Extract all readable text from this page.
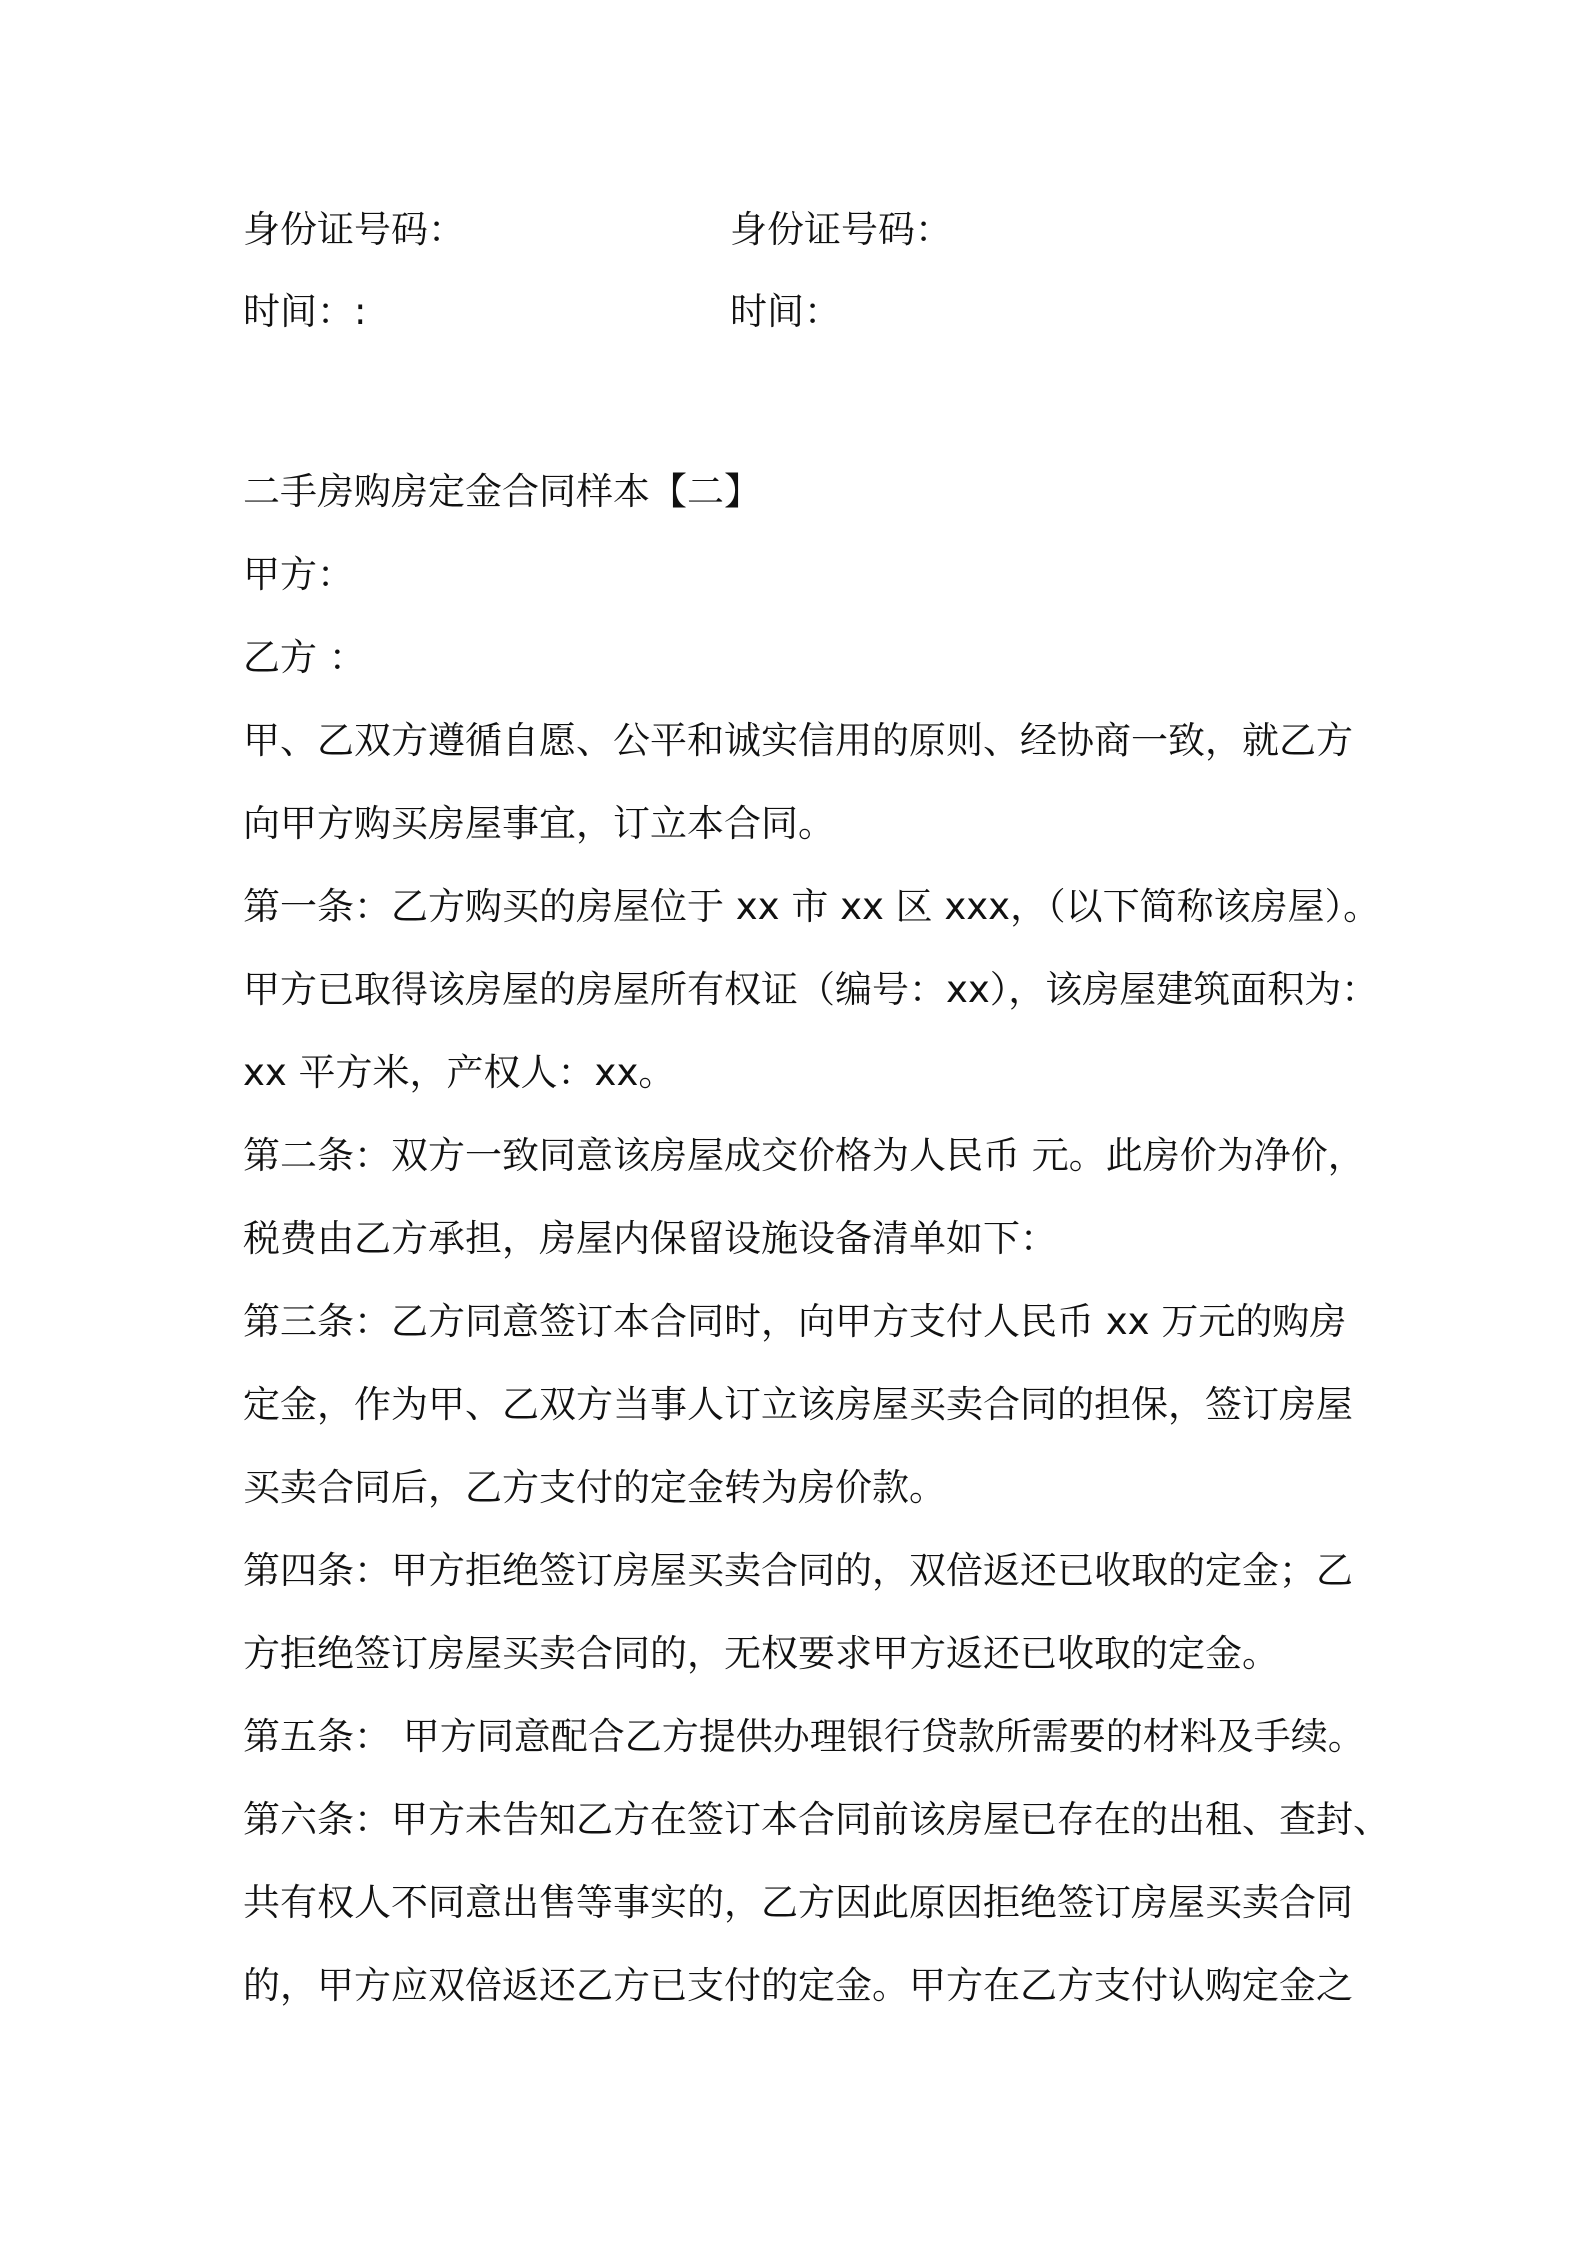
身份证号码：	身份证号码：
时间：:	时间：
二手房购房定金合同样本【二】
甲方：
乙方 ：
甲、乙双方遵循自愿、公平和诚实信用的原则、经协商一致，就乙方
向甲方购买房屋事宜，订立本合同。
第一条：乙方购买的房屋位于 xx 市 xx 区 xxx，（以下简称该房屋）。
甲方已取得该房屋的房屋所有权证（编号：xx），该房屋建筑面积为：
xx 平方米，产权人：xx。
第二条：双方一致同意该房屋成交价格为人民币 元。此房价为净价，
税费由乙方承担，房屋内保留设施设备清单如下：
第三条：乙方同意签订本合同时，向甲方支付人民币 xx 万元的购房
定金，作为甲、乙双方当事人订立该房屋买卖合同的担保，签订房屋
买卖合同后，乙方支付的定金转为房价款。
第四条：甲方拒绝签订房屋买卖合同的，双倍返还已收取的定金；乙
方拒绝签订房屋买卖合同的，无权要求甲方返还已收取的定金。
第五条： 甲方同意配合乙方提供办理银行贷款所需要的材料及手续。
第六条：甲方未告知乙方在签订本合同前该房屋已存在的出租、查封、
共有权人不同意出售等事实的，乙方因此原因拒绝签订房屋买卖合同
的，甲方应双倍返还乙方已支付的定金。甲方在乙方支付认购定金之
